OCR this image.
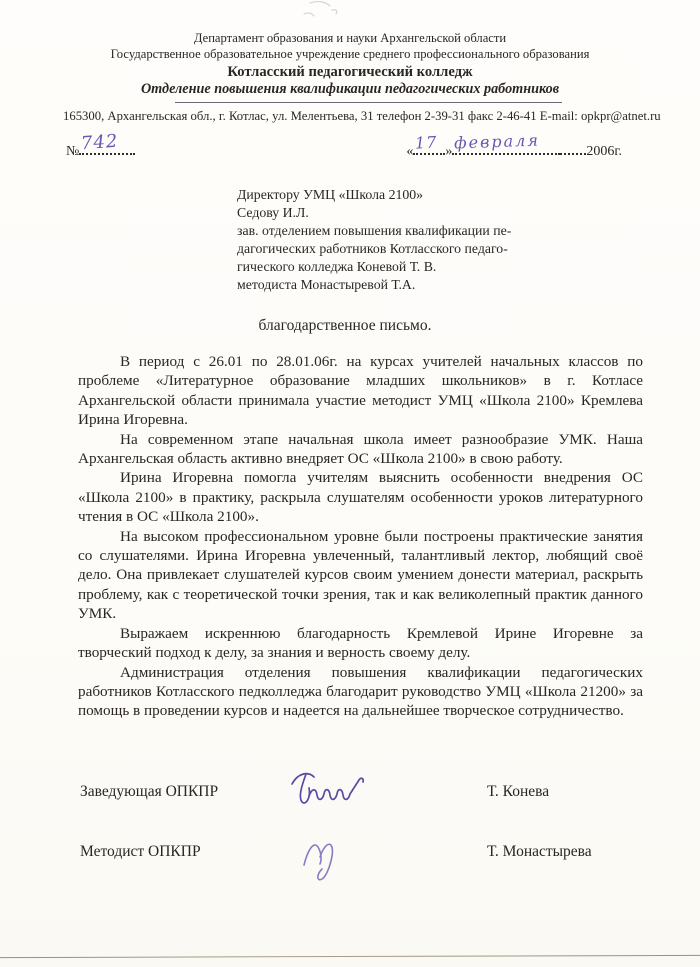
Департамент образования и науки Архангельской области
Государственное образовательное учреждение среднего профессионального образования
Котласский педагогический колледж
Отделение повышения квалификации педагогических работников
165300, Архангельская обл., г. Котлас, ул. Мелентьева, 31 телефон 2-39-31 факс 2-46-41 E-mail: opkpr@atnet.ru
№ 742	« 17 » февраля	2006г.
Директору УМЦ «Школа 2100»
Седову И.Л.
зав. отделением повышения квалификации пе-
дагогических работников Котласского педаго-
гического колледжа Коневой Т. В.
методиста Монастыревой Т.А.
благодарственное письмо.

В период с 26.01 по 28.01.06г. на курсах учителей начальных классов по проблеме «Литературное образование младших школьников» в г. Котласе Архангельской области принимала участие методист УМЦ «Школа 2100» Кремлева Ирина Игоревна.

На современном этапе начальная школа имеет разнообразие УМК. Наша Архангельская область активно внедряет ОС «Школа 2100» в свою работу.

Ирина Игоревна помогла учителям выяснить особенности внедрения ОС «Школа 2100» в практику, раскрыла слушателям особенности уроков литературного чтения в ОС «Школа 2100».

На высоком профессиональном уровне были построены практические занятия со слушателями. Ирина Игоревна увлеченный, талантливый лектор, любящий своё дело. Она привлекает слушателей курсов своим умением донести материал, раскрыть проблему, как с теоретической точки зрения, так и как великолепный практик данного УМК.

Выражаем искреннюю благодарность Кремлевой Ирине Игоревне за творческий подход к делу, за знания и верность своему делу.

Администрация отделения повышения квалификации педагогических работников Котласского педколледжа благодарит руководство УМЦ «Школа 21200» за помощь в проведении курсов и надеется на дальнейшее творческое сотрудничество.

Заведующая ОПКПР	Т. Конева
Методист ОПКПР	Т. Монастырева
